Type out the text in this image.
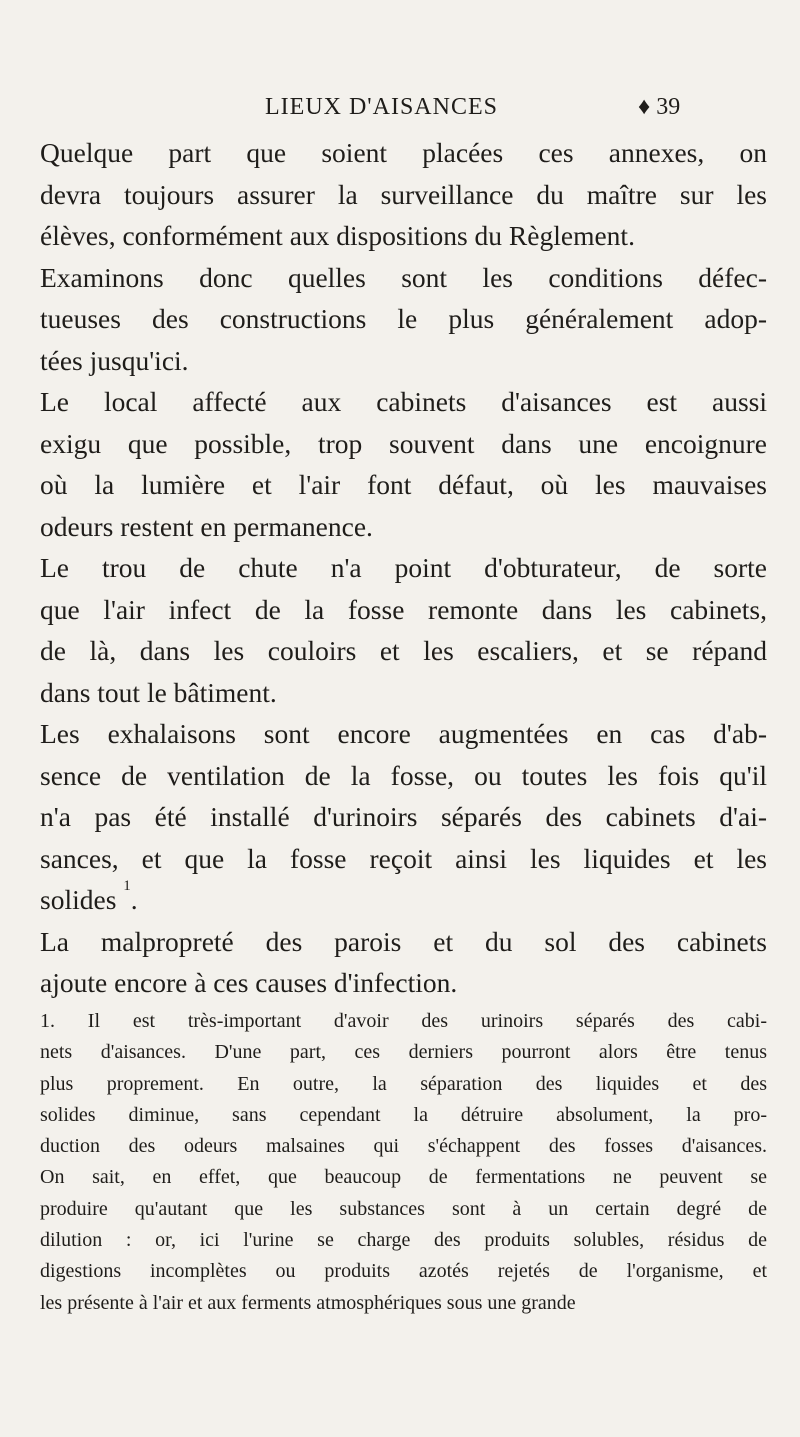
LIEUX D'AISANCES	♦ 39

Quelque part que soient placées ces annexes, on
devra toujours assurer la surveillance du maître sur les
élèves, conformément aux dispositions du Règlement.

Examinons donc quelles sont les conditions défec-
tueuses des constructions le plus généralement adop-
tées jusqu'ici.

Le local affecté aux cabinets d'aisances est aussi
exigu que possible, trop souvent dans une encoignure
où la lumière et l'air font défaut, où les mauvaises
odeurs restent en permanence.

Le trou de chute n'a point d'obturateur, de sorte
que l'air infect de la fosse remonte dans les cabinets,
de là, dans les couloirs et les escaliers, et se répand
dans tout le bâtiment.

Les exhalaisons sont encore augmentées en cas d'ab-
sence de ventilation de la fosse, ou toutes les fois qu'il
n'a pas été installé d'urinoirs séparés des cabinets d'ai-
sances, et que la fosse reçoit ainsi les liquides et les
solides $^1$.

La malpropreté des parois et du sol des cabinets
ajoute encore à ces causes d'infection.

1. Il est très-important d'avoir des urinoirs séparés des cabi-

nets d'aisances. D'une part, ces derniers pourront alors être tenus

plus proprement. En outre, la séparation des liquides et des

solides diminue, sans cependant la détruire absolument, la pro-

duction des odeurs malsaines qui s'échappent des fosses d'aisances.

On sait, en effet, que beaucoup de fermentations ne peuvent se

produire qu'autant que les substances sont à un certain degré de

dilution : or, ici l'urine se charge des produits solubles, résidus de

digestions incomplètes ou produits azotés rejetés de l'organisme, et

les présente à l'air et aux ferments atmosphériques sous une grande
